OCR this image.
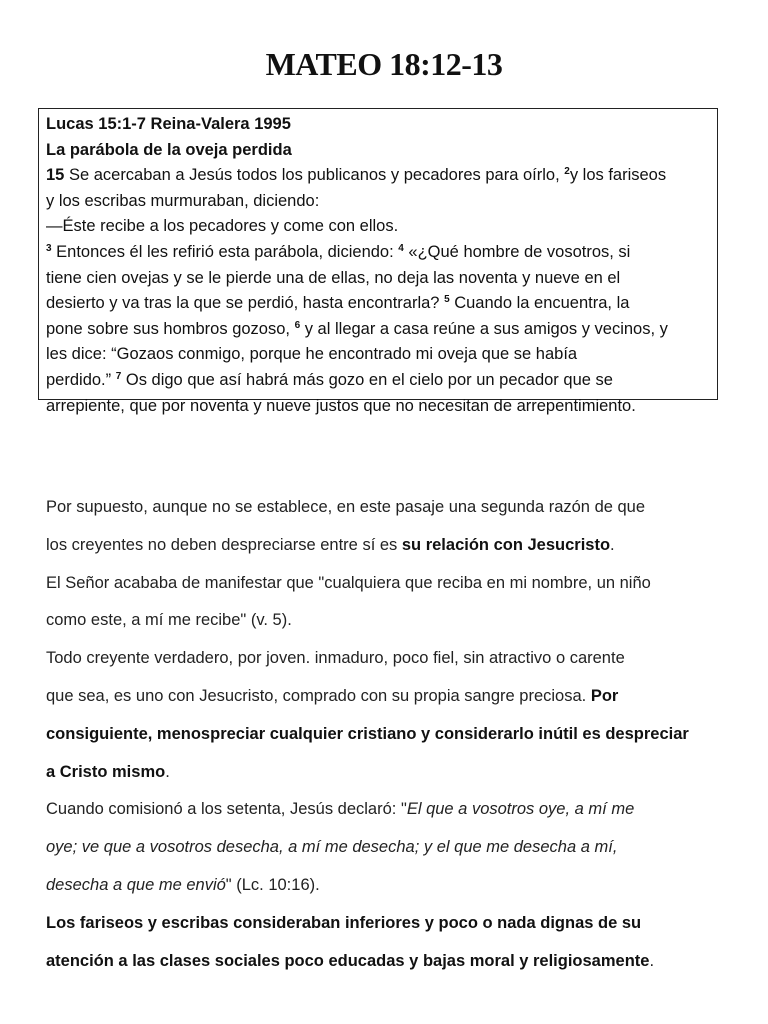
MATEO 18:12-13
Lucas 15:1-7 Reina-Valera 1995
La parábola de la oveja perdida
15 Se acercaban a Jesús todos los publicanos y pecadores para oírlo, $^2$y los fariseos
y los escribas murmuraban, diciendo:
—Éste recibe a los pecadores y come con ellos.
$^3$ Entonces él les refirió esta parábola, diciendo: $^4$ «¿Qué hombre de vosotros, si
tiene cien ovejas y se le pierde una de ellas, no deja las noventa y nueve en el
desierto y va tras la que se perdió, hasta encontrarla? $^5$ Cuando la encuentra, la
pone sobre sus hombros gozoso, $^6$ y al llegar a casa reúne a sus amigos y vecinos, y
les dice: “Gozaos conmigo, porque he encontrado mi oveja que se había
perdido.” $^7$ Os digo que así habrá más gozo en el cielo por un pecador que se
arrepiente, que por noventa y nueve justos que no necesitan de arrepentimiento.
Por supuesto, aunque no se establece, en este pasaje una segunda razón de que
los creyentes no deben despreciarse entre sí es su relación con Jesucristo.
El Señor acababa de manifestar que "cualquiera que reciba en mi nombre, un niño
como este, a mí me recibe" (v. 5).
Todo creyente verdadero, por joven. inmaduro, poco fiel, sin atractivo o carente
que sea, es uno con Jesucristo, comprado con su propia sangre preciosa. Por
consiguiente, menospreciar cualquier cristiano y considerarlo inútil es despreciar
a Cristo mismo.
Cuando comisionó a los setenta, Jesús declaró: "El que a vosotros oye, a mí me
oye; ve que a vosotros desecha, a mí me desecha; y el que me desecha a mí,
desecha a que me envió" (Lc. 10:16).
Los fariseos y escribas consideraban inferiores y poco o nada dignas de su
atención a las clases sociales poco educadas y bajas moral y religiosamente.
